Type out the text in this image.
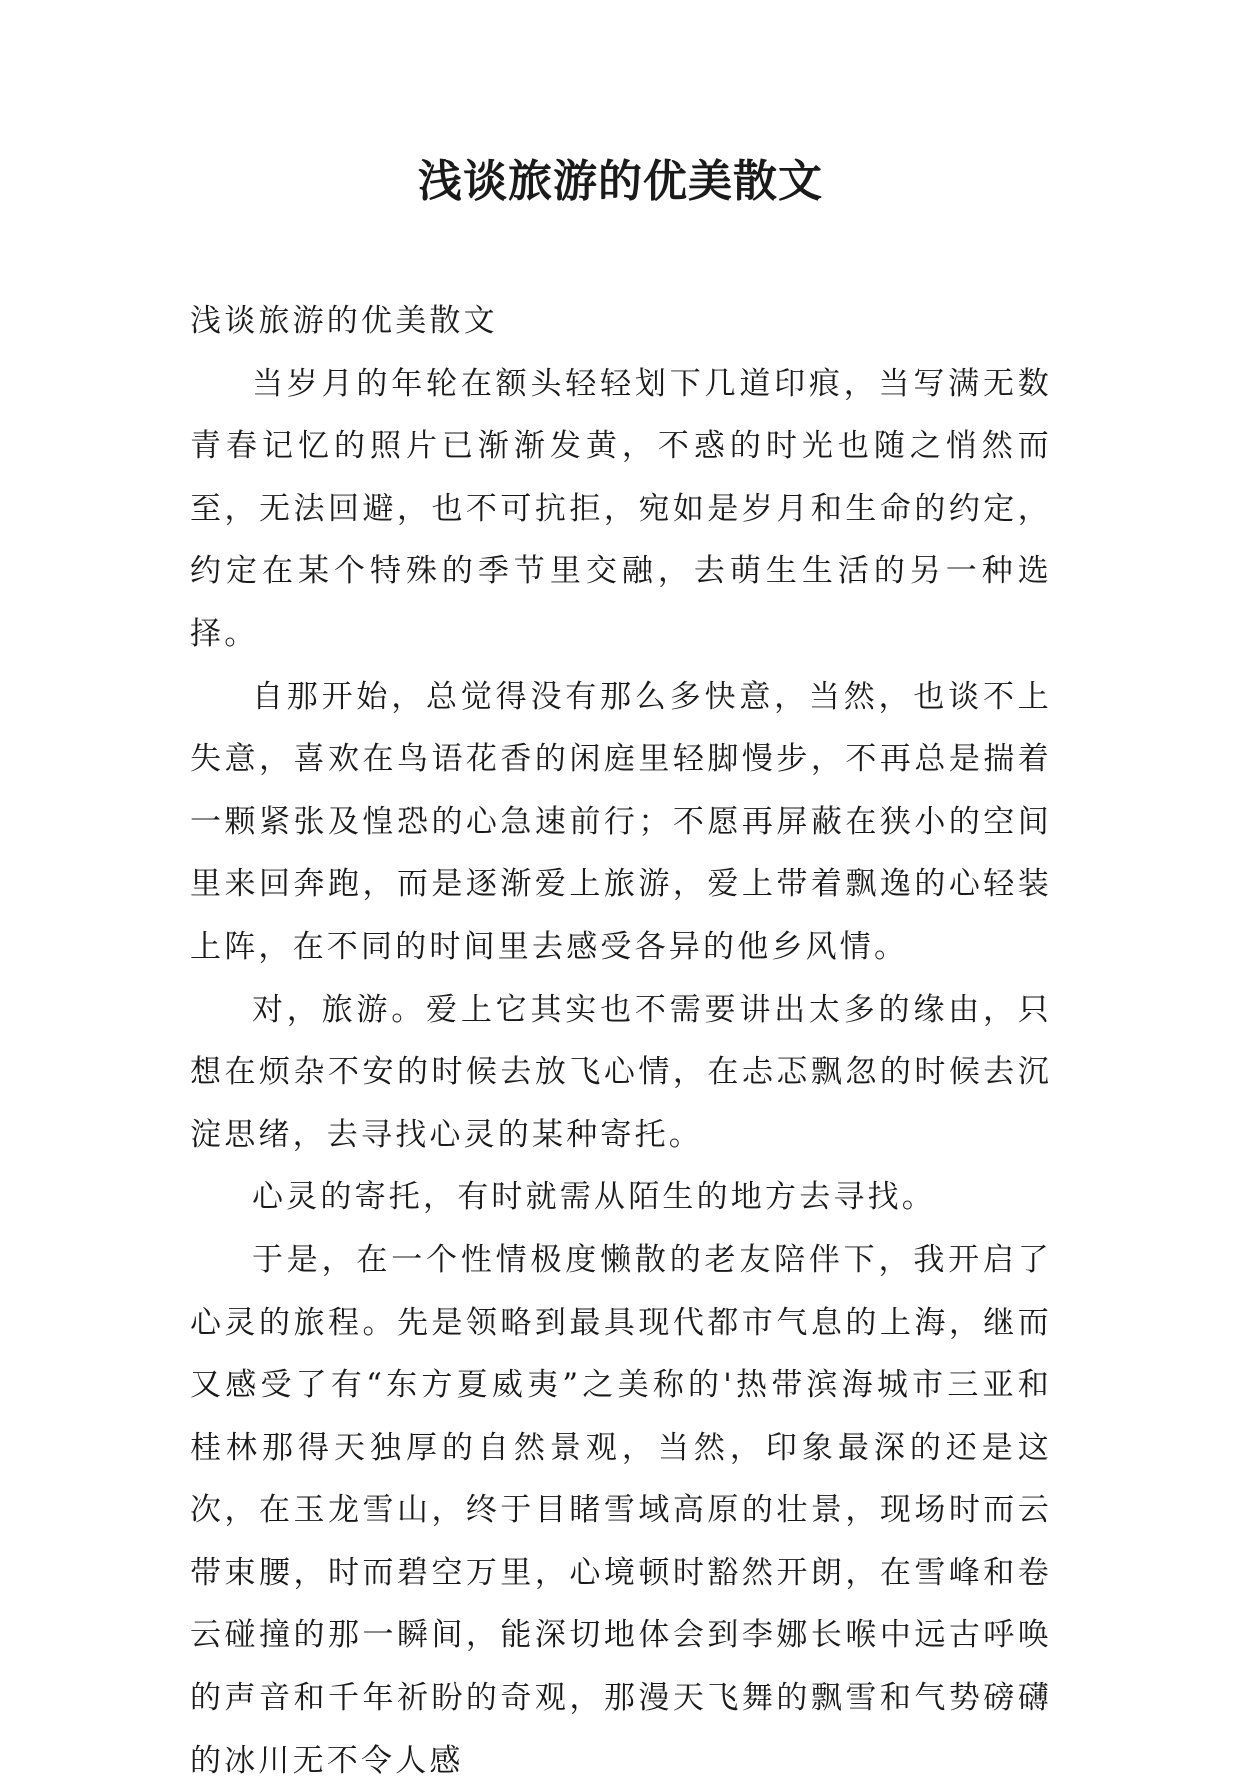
浅谈旅游的优美散文

浅谈旅游的优美散文

当岁月的年轮在额头轻轻划下几道印痕，当写满无数青春记忆的照片已渐渐发黄，不惑的时光也随之悄然而至，无法回避，也不可抗拒，宛如是岁月和生命的约定，约定在某个特殊的季节里交融，去萌生生活的另一种选择。

自那开始，总觉得没有那么多快意，当然，也谈不上失意，喜欢在鸟语花香的闲庭里轻脚慢步，不再总是揣着一颗紧张及惶恐的心急速前行；不愿再屏蔽在狭小的空间里来回奔跑，而是逐渐爱上旅游，爱上带着飘逸的心轻装上阵，在不同的时间里去感受各异的他乡风情。

对，旅游。爱上它其实也不需要讲出太多的缘由，只想在烦杂不安的时候去放飞心情，在忐忑飘忽的时候去沉淀思绪，去寻找心灵的某种寄托。

心灵的寄托，有时就需从陌生的地方去寻找。

于是，在一个性情极度懒散的老友陪伴下，我开启了心灵的旅程。先是领略到最具现代都市气息的上海，继而又感受了有“东方夏威夷”之美称的'热带滨海城市三亚和桂林那得天独厚的自然景观，当然，印象最深的还是这次，在玉龙雪山，终于目睹雪域高原的壮景，现场时而云带束腰，时而碧空万里，心境顿时豁然开朗，在雪峰和卷云碰撞的那一瞬间，能深切地体会到李娜长喉中远古呼唤的声音和千年祈盼的奇观，那漫天飞舞的飘雪和气势磅礴的冰川无不令人感
